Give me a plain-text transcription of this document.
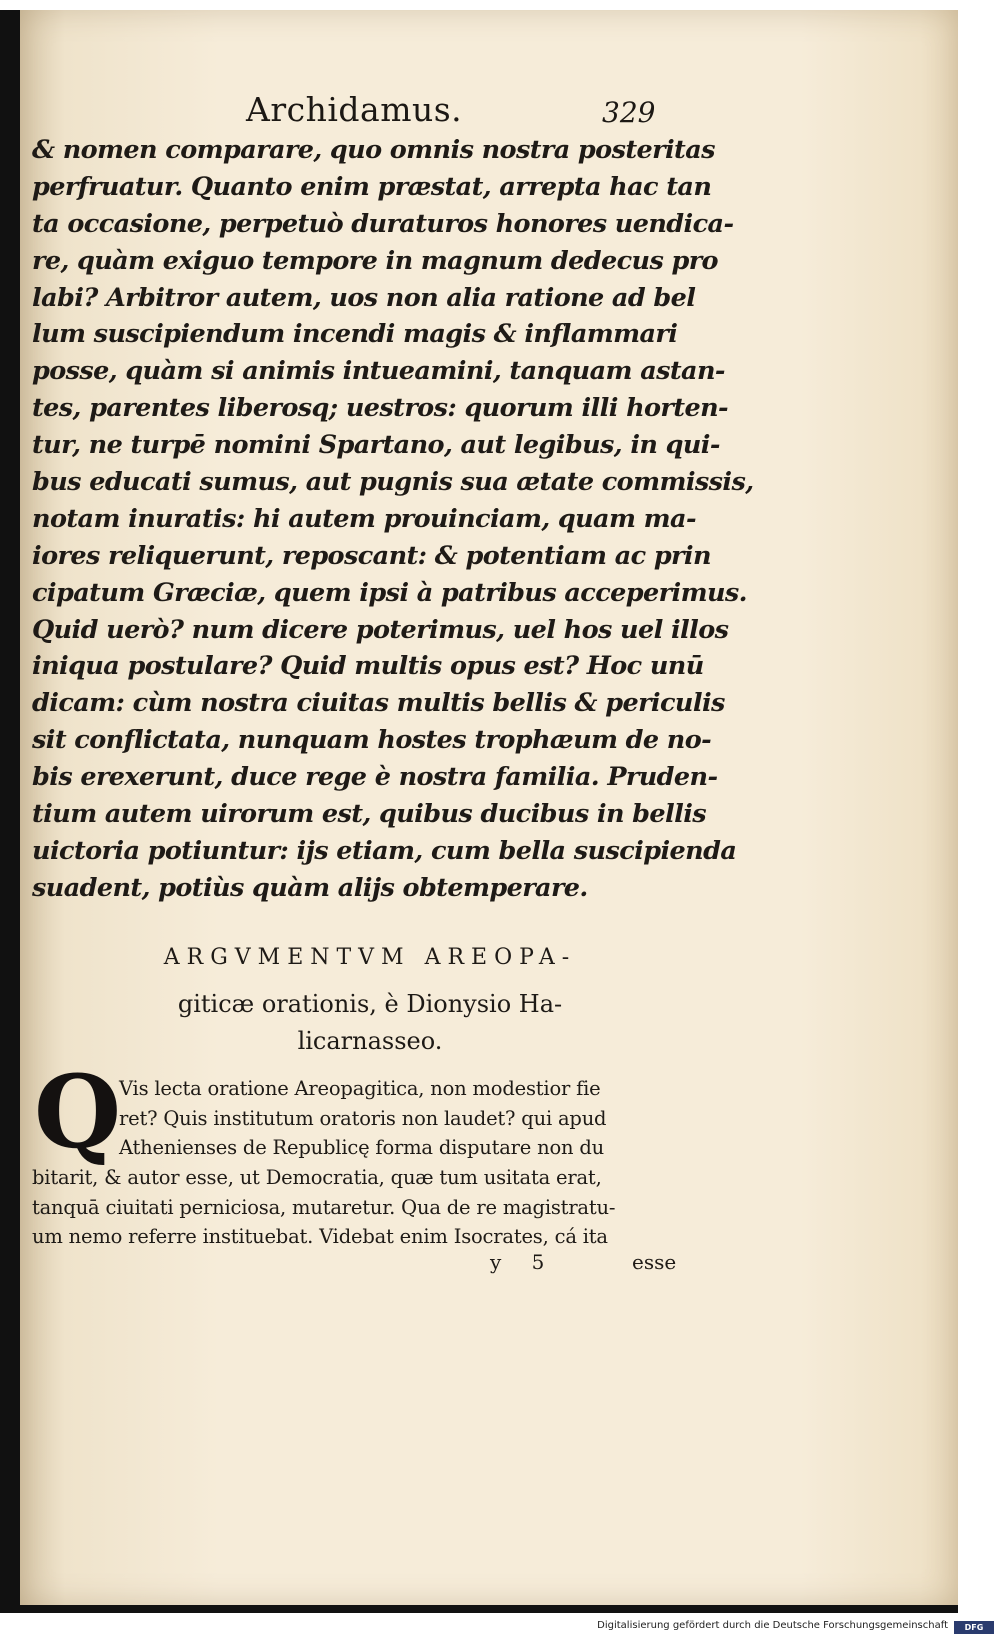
Archidamus.	329
& nomen comparare, quo omnis nostra posteritas
perfruatur. Quanto enim præstat, arrepta hac tan
ta occasione, perpetuò duraturos honores uendica-
re, quàm exiguo tempore in magnum dedecus pro
labi? Arbitror autem, uos non alia ratione ad bel
lum suscipiendum incendi magis & inflammari
posse, quàm si animis intueamini, tanquam astan-
tes, parentes liberosq; uestros: quorum illi horten-
tur, ne turpē nomini Spartano, aut legibus, in qui-
bus educati sumus, aut pugnis sua ætate commissis,
notam inuratis: hi autem prouinciam, quam ma-
iores reliquerunt, reposcant: & potentiam ac prin
cipatum Græciæ, quem ipsi à patribus acceperimus.
Quid uerò? num dicere poterimus, uel hos uel illos
iniqua postulare? Quid multis opus est? Hoc unū
dicam: cùm nostra ciuitas multis bellis & periculis
sit conflictata, nunquam hostes trophæum de no-
bis erexerunt, duce rege è nostra familia. Pruden-
tium autem uirorum est, quibus ducibus in bellis
uictoria potiuntur: ijs etiam, cum bella suscipienda
suadent, potiùs quàm alijs obtemperare.
ARGVMENTVM AREOPA-
giticæ orationis, è Dionysio Ha-
licarnasseo.
Q
Vis lecta oratione Areopagitica, non modestior fie
ret? Quis institutum oratoris non laudet? qui apud
Athenienses de Republicę forma disputare non du
bitarit, & autor esse, ut Democratia, quæ tum usitata erat,
tanquā ciuitati perniciosa, mutaretur. Qua de re magistratu-
um nemo referre instituebat. Videbat enim Isocrates, cá ita
y 5	esse
Digitalisierung gefördert durch die Deutsche Forschungsgemeinschaft	DFG
